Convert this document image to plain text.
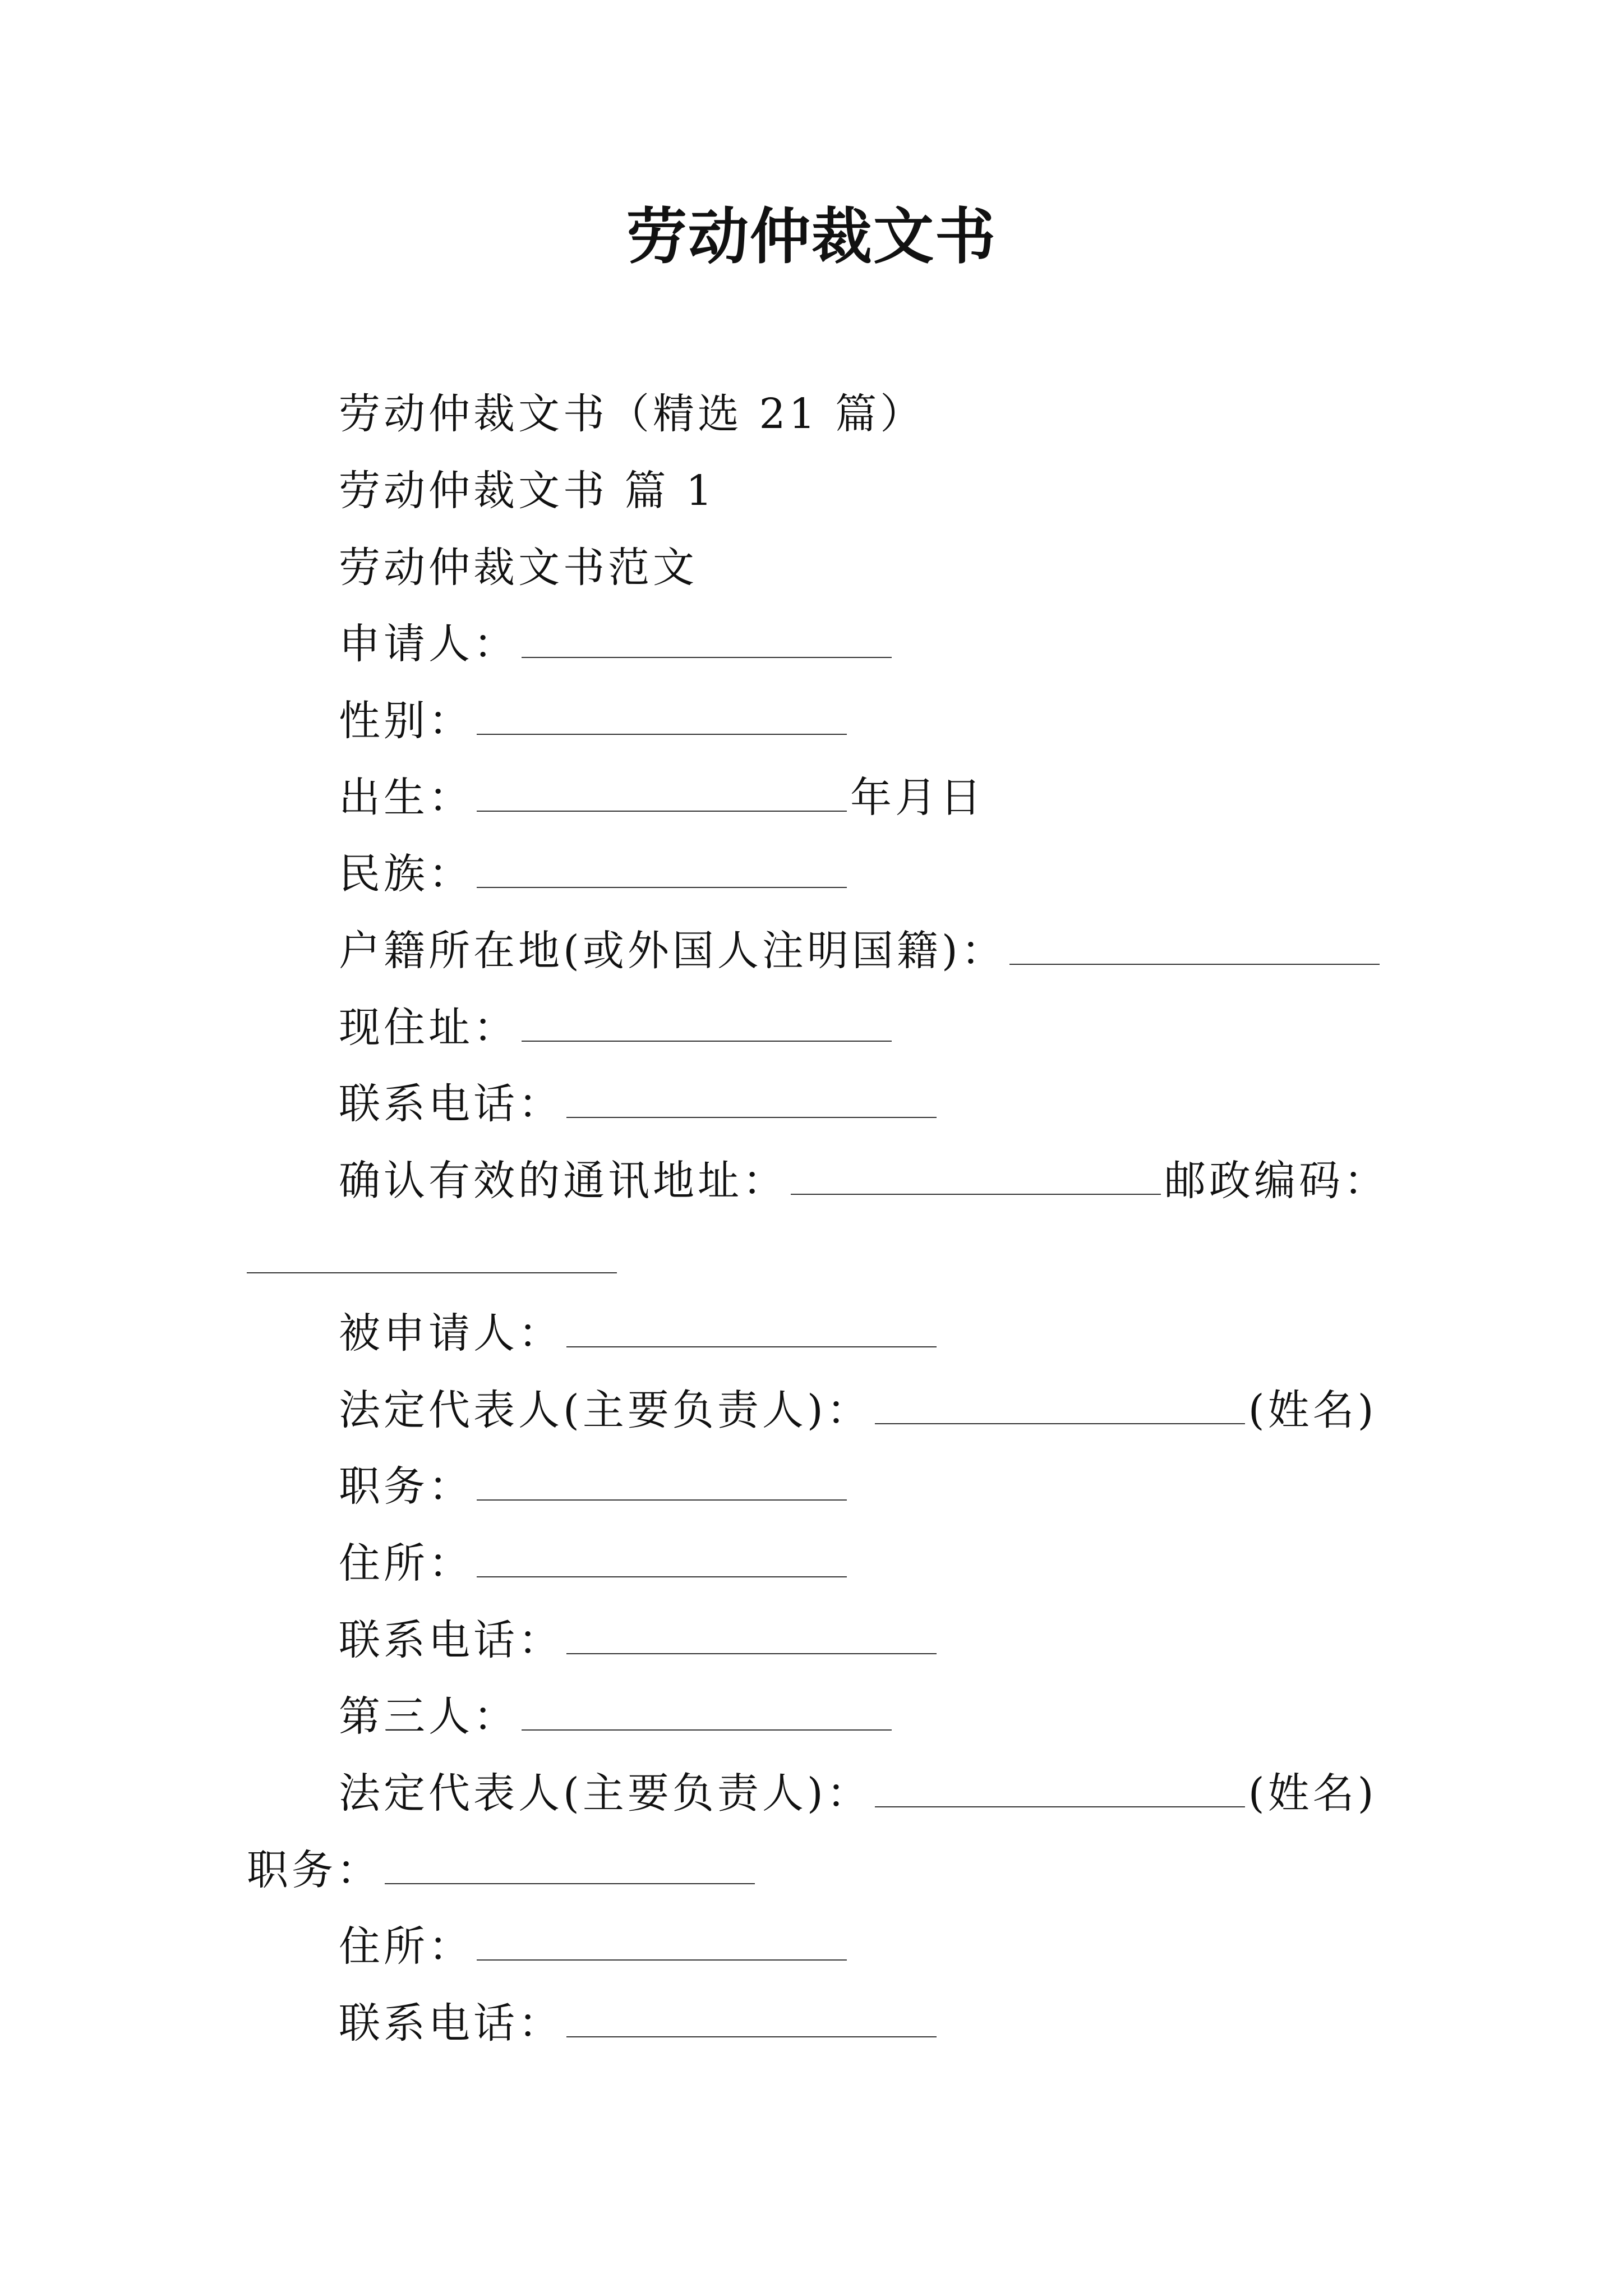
劳动仲裁文书
劳动仲裁文书（精选 21 篇）
劳动仲裁文书 篇 1
劳动仲裁文书范文
申请人：
性别：
出生：	年月日
民族：
户籍所在地(或外国人注明国籍)：
现住址：
联系电话：
确认有效的通讯地址：	邮政编码：
被申请人：
法定代表人(主要负责人)：	(姓名)
职务：
住所：
联系电话：
第三人：
法定代表人(主要负责人)：	(姓名)
职务：
住所：
联系电话：
